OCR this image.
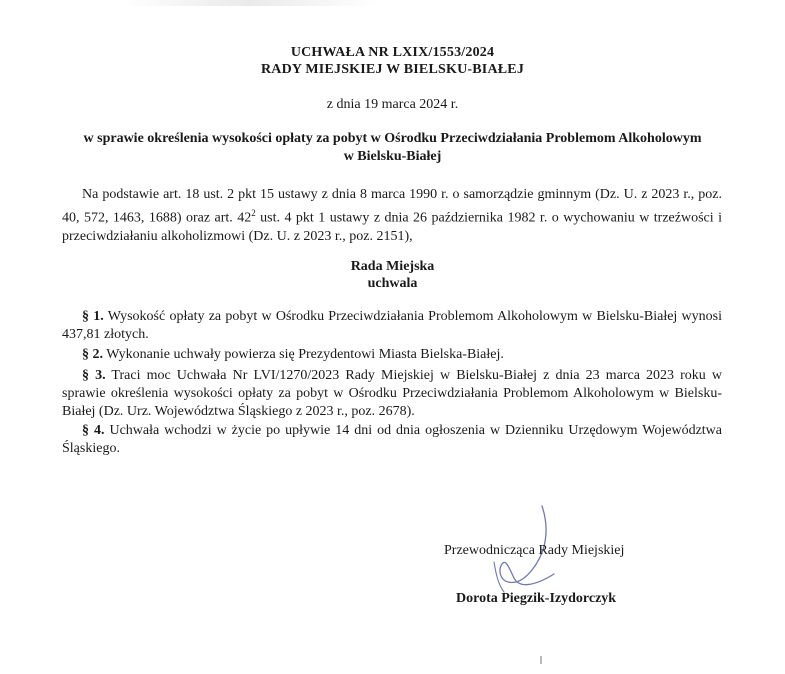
UCHWAŁA NR LXIX/1553/2024
RADY MIEJSKIEJ W BIELSKU-BIAŁEJ
z dnia 19 marca 2024 r.
w sprawie określenia wysokości opłaty za pobyt w Ośrodku Przeciwdziałania Problemom Alkoholowym
w Bielsku-Białej
Na podstawie art. 18 ust. 2 pkt 15 ustawy z dnia 8 marca 1990 r. o samorządzie gminnym (Dz. U. z 2023 r., poz. 40, 572, 1463, 1688) oraz art. $42^2$ ust. 4 pkt 1 ustawy z dnia 26 października 1982 r. o wychowaniu w trzeźwości i przeciwdziałaniu alkoholizmowi (Dz. U. z 2023 r., poz. 2151),
Rada Miejska
uchwala
§ 1. Wysokość opłaty za pobyt w Ośrodku Przeciwdziałania Problemom Alkoholowym w Bielsku-Białej wynosi 437,81 złotych.
§ 2. Wykonanie uchwały powierza się Prezydentowi Miasta Bielska-Białej.
§ 3. Traci moc Uchwała Nr LVI/1270/2023 Rady Miejskiej w Bielsku-Białej z dnia 23 marca 2023 roku w sprawie określenia wysokości opłaty za pobyt w Ośrodku Przeciwdziałania Problemom Alkoholowym w Bielsku-Białej (Dz. Urz. Województwa Śląskiego z 2023 r., poz. 2678).
§ 4. Uchwała wchodzi w życie po upływie 14 dni od dnia ogłoszenia w Dzienniku Urzędowym Województwa Śląskiego.
Przewodnicząca Rady Miejskiej
Dorota Piegzik-Izydorczyk
